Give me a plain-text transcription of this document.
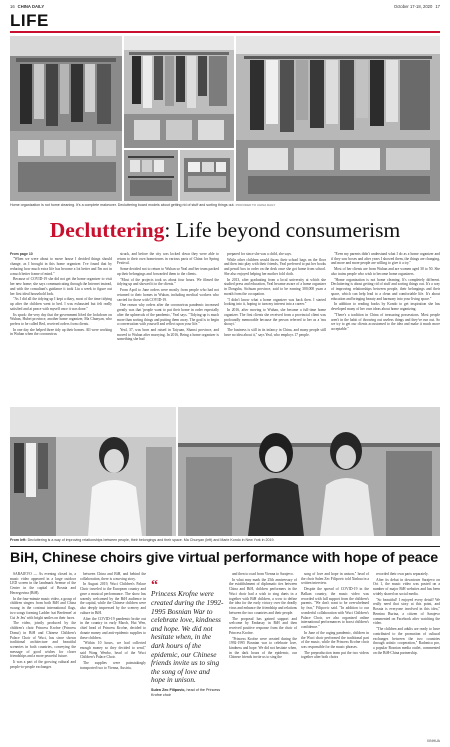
16 CHINA DAILY	October 17-18, 2020 17
LIFE
Home organization is not home cleaning. It's a complete makeover. Decluttering board models about getting rid of stuff and sorting things out. PROVIDED TO CHINA DAILY
Decluttering: Life beyond consumerism
From page 10

"When we were about to move house I decided things should change, as I brought in this home organizer. I've found that by reducing how much extra life has become a lot better and I'm not in a much better frame of mind."

Because of COVID-19 she did not get the home organizer to visit her new home; she says communicating through the Internet instead, and with the consultant's guidance it took Liu a week to figure out her first ideal household look.

"As I did all the tidying up I kept a diary, most of the time tidying up after the children went to bed. I was exhausted but felt really satisfied and at peace with myself once it was done."

Its spark: the very day that the government lifted the lockdown on Wuhan, Hubei province, another home organizer, Ma Chunyan, who prefers to be called Red, received orders from clients.

In one day she helped three tidy up their homes. All were working in Wuhan when the coronavirus

struck, and before the city was locked down they were able to return to their own hometowns in various parts of China for Spring Festival.

Some decided not to return to Wuhan so Yeal and her team packed up their belongings and forwarded them to the clients.

"Most of the projects took us about four hours. We filmed the tidying up and showed it to the clients."

From April to June orders were mostly from people who had not returned to their homes in Wuhan, including medical workers who carried for those with COVID-19.

One reason why orders after the coronavirus pandemic increased greatly was that 'people want to put their home in order especially after the upheavals of the pandemic,' Yeal says. "Tidying up is much more than sorting things and putting them away. The goal is to begin a conversation with yourself and reflect upon your life."

Yeal, 37, was born and raised in Taiyuan, Shanxi province, and moved to Wuhan after marrying. In 2016, Being a home organizer is something she had

prepared for since she was a child, she says.

While other children would throw their school bags on the floor and then into play with their friends, Yeal preferred to put her books and pencil box in order on the desk once she got home from school. She also enjoyed helping her mother fold cloth.

In 2013, after graduating from a local university at which she studied press and education, Yeal became aware of a home organizer in Dongsha, Sichuan province, said to be earning 300,000 yuan a month from the occupation.

"I didn't know what a home organizer was back then. I started looking into it, hoping to turn my interest into a career."

In 2016, after moving to Wuhan, she became a full-time home organizer. The first clients she received from a provincial client was profoundly memorable because the person referred to her as a 'mu shouyi.'

The business is still in its infancy in China, and many people still have no idea about it," says Yeal, who employs 17 people.

"Even my parents didn't understand what I do as a home organizer and if they saw boxes and after years I showed them, the things are changing, and more and more people are willing to give it a try."

Most of her clients are from Wuhan and are women aged 30 to 50. She also trains people who wish to become home organizers.

"Home organization is not home cleaning. It's completely different. Decluttering is about getting rid of stuff and sorting things out. It's a way of improving relationships between people, their belongings and their space, which can help lead to a clean and comfortable life. It's about education and bringing beauty and harmony into your living space."

In addition to reading books by Kondo to get inspiration she has developed many of her own ideas about home organizing.

"There's a tradition in China of treasuring possessions. Most people aren't in the habit of throwing out useless things and they've run out. So we try to get our clients accustomed to the idea and make it much more acceptable."

From left: Decluttering is a way of improving relationships between people, their belongings and their space. Ma Chunyan (left) and Marie Kondo in New York in 2019.
BiH, Chinese choirs give virtual performance with hope of peace

SARAJEVO — As evening closed in, a music video appeared in a large outdoor LED screen in the landmark Avenue of the Center in the capital of Bosnia and Herzegovina (BiH).

In the four-minute music video, a group of children singers from both BiH and China swung in the contrast international flags, two songs forming Ladder 'nai Berdemet' at Cui Je Jeu' with bright smiles on their faces.

The video, jointly produced by the children's choir Princess Krofne (Princess Donut) in BiH and Chinese Children's Palace Choir of Wuci, has since shown traditional architecture and beautiful sceneries in both countries, conveying the message of good wishes for closer friendships and a more peaceful future.

It was a part of the growing cultural and people-to-people exchanges

between China and BiH, and behind the collaboration, there is a moving story.

In August 2019, Wuci Children's Palace Choir traveled to the European country and gave a musical performance. The show has warmly welcomed by the BiH audience in the capital, while the Chinese children were also deeply impressed by the scenery and culture in BiH.

After the COVID-19 pandemic broke out in the country in early March, Hui Wen, chief head of Princess Krofne, decided to donate money and anti-epidemic supplies to these children.

"Within 10 hours, we had collected enough money so they decided to send," said Wang Wenbo, head of the Wuci Children's Palace Choir.

The supplies were painstakingly transported two to Vienna, Austria,

“
Princess Krofne were created during the 1992-1995 Bosnian War to celebrate love, kindness and hope. We did not hesitate when, in the dark hours of the epidemic, our Chinese friends invite us to sing the song of love and hope in unison.
Sulen Zec Filipovic, head of the Princess Krofne choir

and then to road from Vienna to Sarajevo.

In what may mark the 25th anniversary of the establishment of diplomatic ties between China and BiH, children performers in the Wuci choir had a wish to sing duets in a together with BiH children, a wow to define the idea for the early victory over the deadly virus and enhance the friendship and relations between the two countries and their people.

The proposal has gained support and welcome by Embassy in BiH and then received positive response from the choir of Princess Krofne.

"Princess Krofne were created during the 1992-1995 Bosnian war to celebrate love, kindness and hope. We did not hesitate when, in the dark hours of the epidemic, our Chinese friends invite us to sing the

song of love and hope in unison," head of the choir Sulen Zec Filipovic told Xinhua in a written interview.

Despite the spread of COVID-19 in the Balkan country, the music video was recorded with full support from the children's parents. "We don't want to be overwhelmed by fear," Filipovic said. "In addition to our wonderful collaboration with Wuci Children's Palace Choir, we also organized online international performances to boost children's confidence."

In June of the raging pandemic, children in the Wuci choir performed the traditional part of the music, while the Princess Krofne choir was responsible for the music phrases.

The preproduction team put the two videos together after both choirs

recorded their own parts separately.

After its debut in downtown Sarajevo on Oct 1, the music video was posted on a number of major BiH websites and has been widely shared on social media.

"So beautiful! I enjoyed every detail! We really need that story at this point, and Bosnia is everyone involved in this idea," Bernina Burina, a citizen of Sarajevo commented on Facebook after watching the video.

"The children and adults are ready to have contributed to the promotion of cultural exchanges between the two countries through artistic cooperation," Radonica pro, a popular Bosnian media outlet, commented on the BiH-China partnership.

XINHUA
